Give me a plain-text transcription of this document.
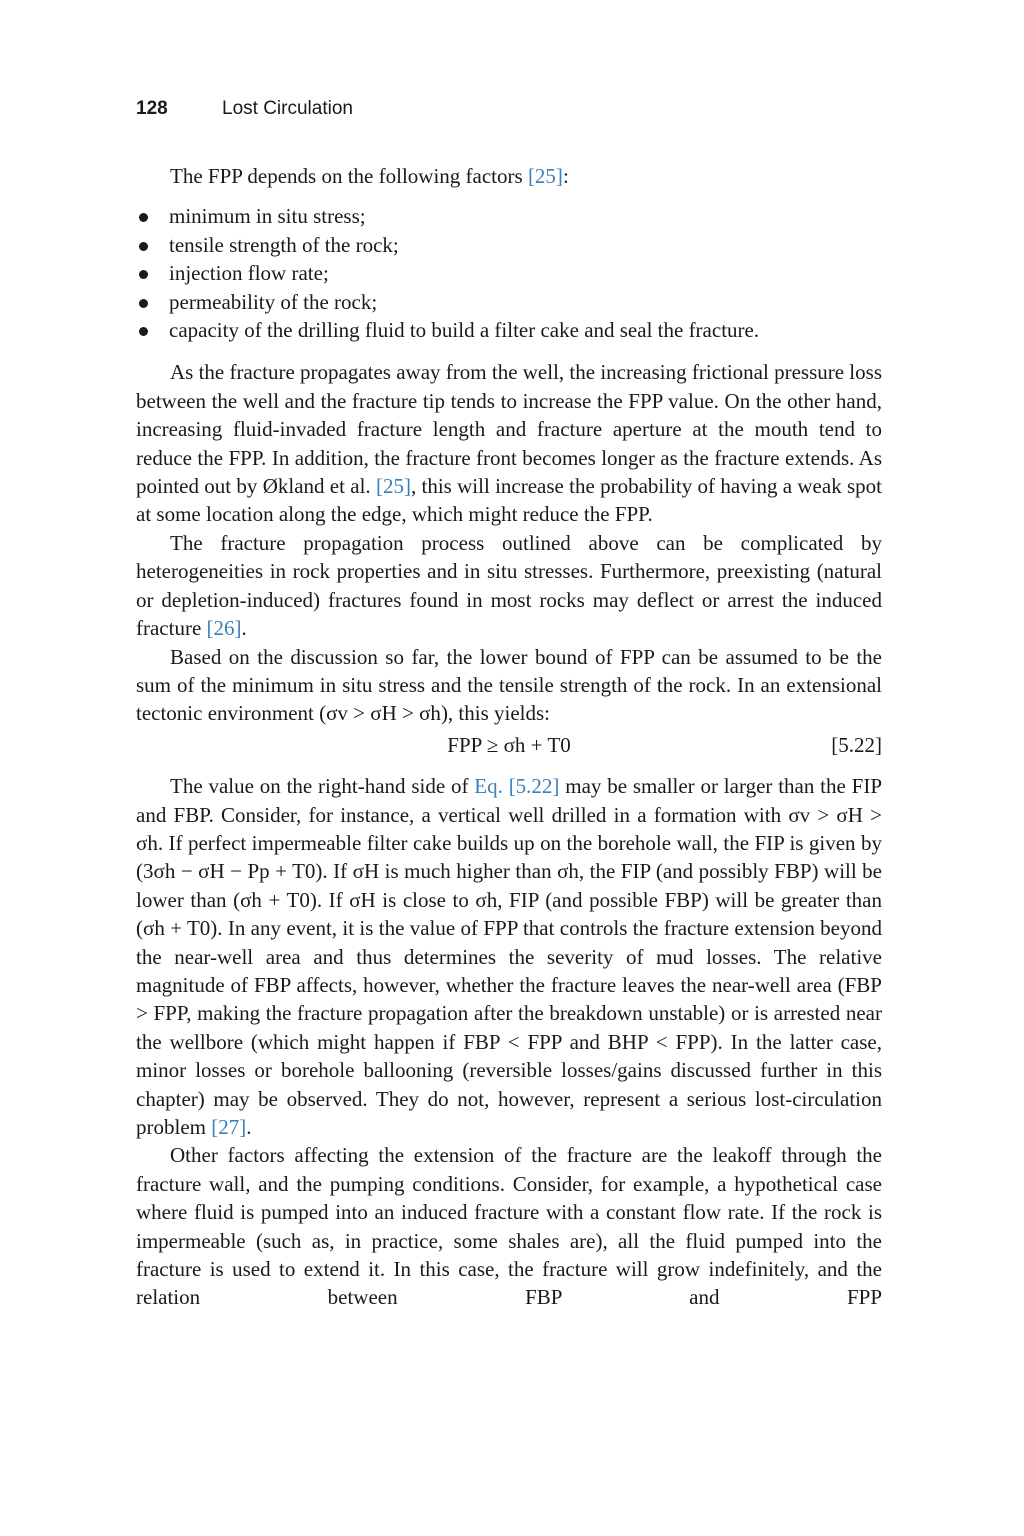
128	Lost Circulation

The FPP depends on the following factors [25]:

minimum in situ stress;
tensile strength of the rock;
injection flow rate;
permeability of the rock;
capacity of the drilling fluid to build a filter cake and seal the fracture.

As the fracture propagates away from the well, the increasing frictional pressure loss between the well and the fracture tip tends to increase the FPP value. On the other hand, increasing fluid-invaded fracture length and fracture aperture at the mouth tend to reduce the FPP. In addition, the fracture front becomes longer as the fracture extends. As pointed out by Økland et al. [25], this will increase the probability of having a weak spot at some location along the edge, which might reduce the FPP.

The fracture propagation process outlined above can be complicated by heterogeneities in rock properties and in situ stresses. Furthermore, preexisting (natural or depletion-induced) fractures found in most rocks may deflect or arrest the induced fracture [26].

Based on the discussion so far, the lower bound of FPP can be assumed to be the sum of the minimum in situ stress and the tensile strength of the rock. In an extensional tectonic environment (σv > σH > σh), this yields:

FPP ≥ σh + T0	[5.22]

The value on the right-hand side of Eq. [5.22] may be smaller or larger than the FIP and FBP. Consider, for instance, a vertical well drilled in a formation with σv > σH > σh. If perfect impermeable filter cake builds up on the borehole wall, the FIP is given by (3σh − σH − Pp + T0). If σH is much higher than σh, the FIP (and possibly FBP) will be lower than (σh + T0). If σH is close to σh, FIP (and possible FBP) will be greater than (σh + T0). In any event, it is the value of FPP that controls the fracture extension beyond the near-well area and thus determines the severity of mud losses. The relative magnitude of FBP affects, however, whether the fracture leaves the near-well area (FBP > FPP, making the fracture propagation after the breakdown unstable) or is arrested near the wellbore (which might happen if FBP < FPP and BHP < FPP). In the latter case, minor losses or borehole ballooning (reversible losses/gains discussed further in this chapter) may be observed. They do not, however, represent a serious lost-circulation problem [27].

Other factors affecting the extension of the fracture are the leakoff through the fracture wall, and the pumping conditions. Consider, for example, a hypothetical case where fluid is pumped into an induced fracture with a constant flow rate. If the rock is impermeable (such as, in practice, some shales are), all the fluid pumped into the fracture is used to extend it. In this case, the fracture will grow indefinitely, and the relation between FBP and FPP
